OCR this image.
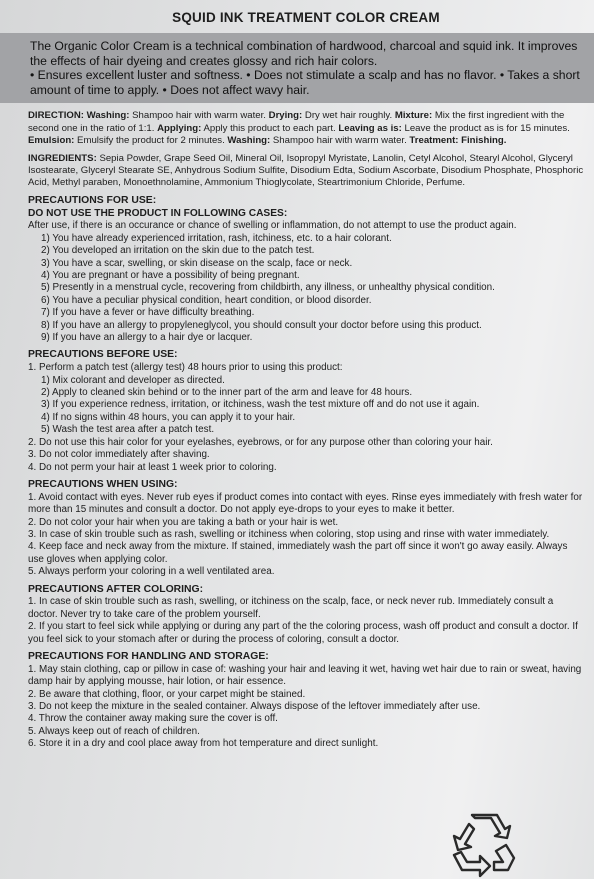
SQUID INK TREATMENT COLOR CREAM

The Organic Color Cream is a technical combination of hardwood, charcoal and squid ink. It improves the effects of hair dyeing and creates glossy and rich hair colors.

• Ensures excellent luster and softness. • Does not stimulate a scalp and has no flavor. • Takes a short amount of time to apply. • Does not affect wavy hair.

DIRECTION: Washing: Shampoo hair with warm water. Drying: Dry wet hair roughly. Mixture: Mix the first ingredient with the second one in the ratio of 1:1. Applying: Apply this product to each part. Leaving as is: Leave the product as is for 15 minutes. Emulsion: Emulsify the product for 2 minutes. Washing: Shampoo hair with warm water. Treatment: Finishing.
INGREDIENTS: Sepia Powder, Grape Seed Oil, Mineral Oil, Isopropyl Myristate, Lanolin, Cetyl Alcohol, Stearyl Alcohol, Glyceryl Isostearate, Glyceryl Stearate SE, Anhydrous Sodium Sulfite, Disodium Edta, Sodium Ascorbate, Disodium Phosphate, Phosphoric Acid, Methyl paraben, Monoethnolamine, Ammonium Thioglycolate, Steartrimonium Chloride, Perfume.
PRECAUTIONS FOR USE:
DO NOT USE THE PRODUCT IN FOLLOWING CASES:
After use, if there is an occurance or chance of swelling or inflammation, do not attempt to use the product again.
1) You have already experienced irritation, rash, itchiness, etc. to a hair colorant.
2) You developed an irritation on the skin due to the patch test.
3) You have a scar, swelling, or skin disease on the scalp, face or neck.
4) You are pregnant or have a possibility of being pregnant.
5) Presently in a menstrual cycle, recovering from childbirth, any illness, or unhealthy physical condition.
6) You have a peculiar physical condition, heart condition, or blood disorder.
7) If you have a fever or have difficulty breathing.
8) If you have an allergy to propyleneglycol, you should consult your doctor before using this product.
9) If you have an allergy to a hair dye or lacquer.
PRECAUTIONS BEFORE USE:
1. Perform a patch test (allergy test) 48 hours prior to using this product:
1) Mix colorant and developer as directed.
2) Apply to cleaned skin behind or to the inner part of the arm and leave for 48 hours.
3) If you experience redness, irritation, or itchiness, wash the test mixture off and do not use it again.
4) If no signs within 48 hours, you can apply it to your hair.
5) Wash the test area after a patch test.
2. Do not use this hair color for your eyelashes, eyebrows, or for any purpose other than coloring your hair.
3. Do not color immediately after shaving.
4. Do not perm your hair at least 1 week prior to coloring.
PRECAUTIONS WHEN USING:
1. Avoid contact with eyes. Never rub eyes if product comes into contact with eyes. Rinse eyes immediately with fresh water for more than 15 minutes and consult a doctor. Do not apply eye-drops to your eyes to make it better.
2. Do not color your hair when you are taking a bath or your hair is wet.
3. In case of skin trouble such as rash, swelling or itchiness when coloring, stop using and rinse with water immediately.
4. Keep face and neck away from the mixture. If stained, immediately wash the part off since it won't go away easily. Always use gloves when applying color.
5. Always perform your coloring in a well ventilated area.
PRECAUTIONS AFTER COLORING:
1. In case of skin trouble such as rash, swelling, or itchiness on the scalp, face, or neck never rub. Immediately consult a doctor. Never try to take care of the problem yourself.
2. If you start to feel sick while applying or during any part of the the coloring process, wash off product and consult a doctor. If you feel sick to your stomach after or during the process of coloring, consult a doctor.
PRECAUTIONS FOR HANDLING AND STORAGE:
1. May stain clothing, cap or pillow in case of: washing your hair and leaving it wet, having wet hair due to rain or sweat, having damp hair by applying mousse, hair lotion, or hair essence.
2. Be aware that clothing, floor, or your carpet might be stained.
3. Do not keep the mixture in the sealed container. Always dispose of the leftover immediately after use.
4. Throw the container away making sure the cover is off.
5. Always keep out of reach of children.
6. Store it in a dry and cool place away from hot temperature and direct sunlight.
